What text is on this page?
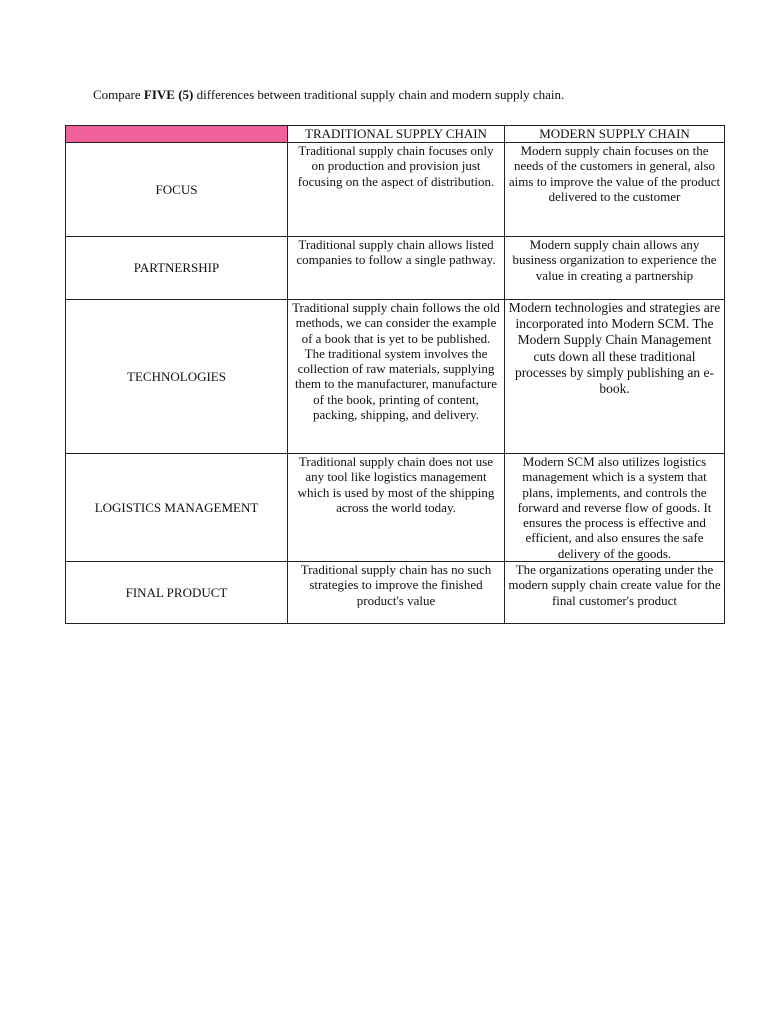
Compare FIVE (5) differences between traditional supply chain and modern supply chain.
	TRADITIONAL SUPPLY CHAIN	MODERN SUPPLY CHAIN
FOCUS	Traditional supply chain focuses only on production and provision just focusing on the aspect of distribution.	Modern supply chain focuses on the needs of the customers in general, also aims to improve the value of the product delivered to the customer
PARTNERSHIP	Traditional supply chain allows listed companies to follow a single pathway.	Modern supply chain allows any business organization to experience the value in creating a partnership
TECHNOLOGIES	Traditional supply chain follows the old methods, we can consider the example of a book that is yet to be published. The traditional system involves the collection of raw materials, supplying them to the manufacturer, manufacture of the book, printing of content, packing, shipping, and delivery.	Modern technologies and strategies are incorporated into Modern SCM. The Modern Supply Chain Management cuts down all these traditional processes by simply publishing an e-book.
LOGISTICS MANAGEMENT	Traditional supply chain does not use any tool like logistics management which is used by most of the shipping across the world today.	Modern SCM also utilizes logistics management which is a system that plans, implements, and controls the forward and reverse flow of goods. It ensures the process is effective and efficient, and also ensures the safe delivery of the goods.
FINAL PRODUCT	Traditional supply chain has no such strategies to improve the finished product's value	The organizations operating under the modern supply chain create value for the final customer's product
